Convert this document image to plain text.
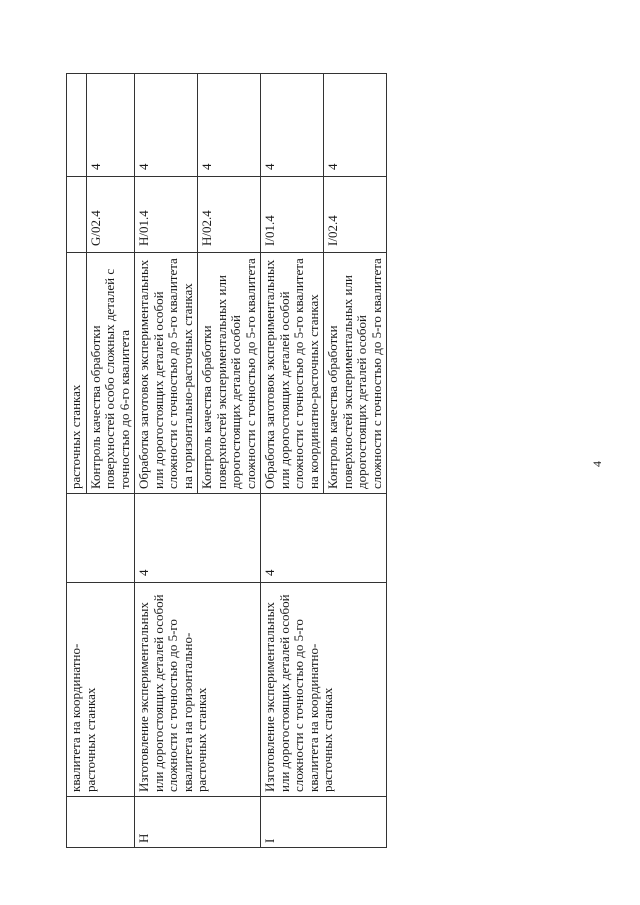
4
	квалитета на координатно-расточных станках		расточных станках		
			Контроль качества обработки поверхностей особо сложных деталей с точностью до 6-го квалитета	G/02.4	4
H	Изготовление экспериментальных или дорогостоящих деталей особой сложности с точностью до 5-го квалитета на горизонтально-расточных станках	4	Обработка заготовок экспериментальных или дорогостоящих деталей особой сложности с точностью до 5-го квалитета на горизонтально-расточных станках	H/01.4	4
			Контроль качества обработки поверхностей экспериментальных или дорогостоящих деталей особой сложности с точностью до 5-го квалитета	H/02.4	4
I	Изготовление экспериментальных или дорогостоящих деталей особой сложности с точностью до 5-го квалитета на координатно-расточных станках	4	Обработка заготовок экспериментальных или дорогостоящих деталей особой сложности с точностью до 5-го квалитета на координатно-расточных станках	I/01.4	4
			Контроль качества обработки поверхностей экспериментальных или дорогостоящих деталей особой сложности с точностью до 5-го квалитета	I/02.4	4
